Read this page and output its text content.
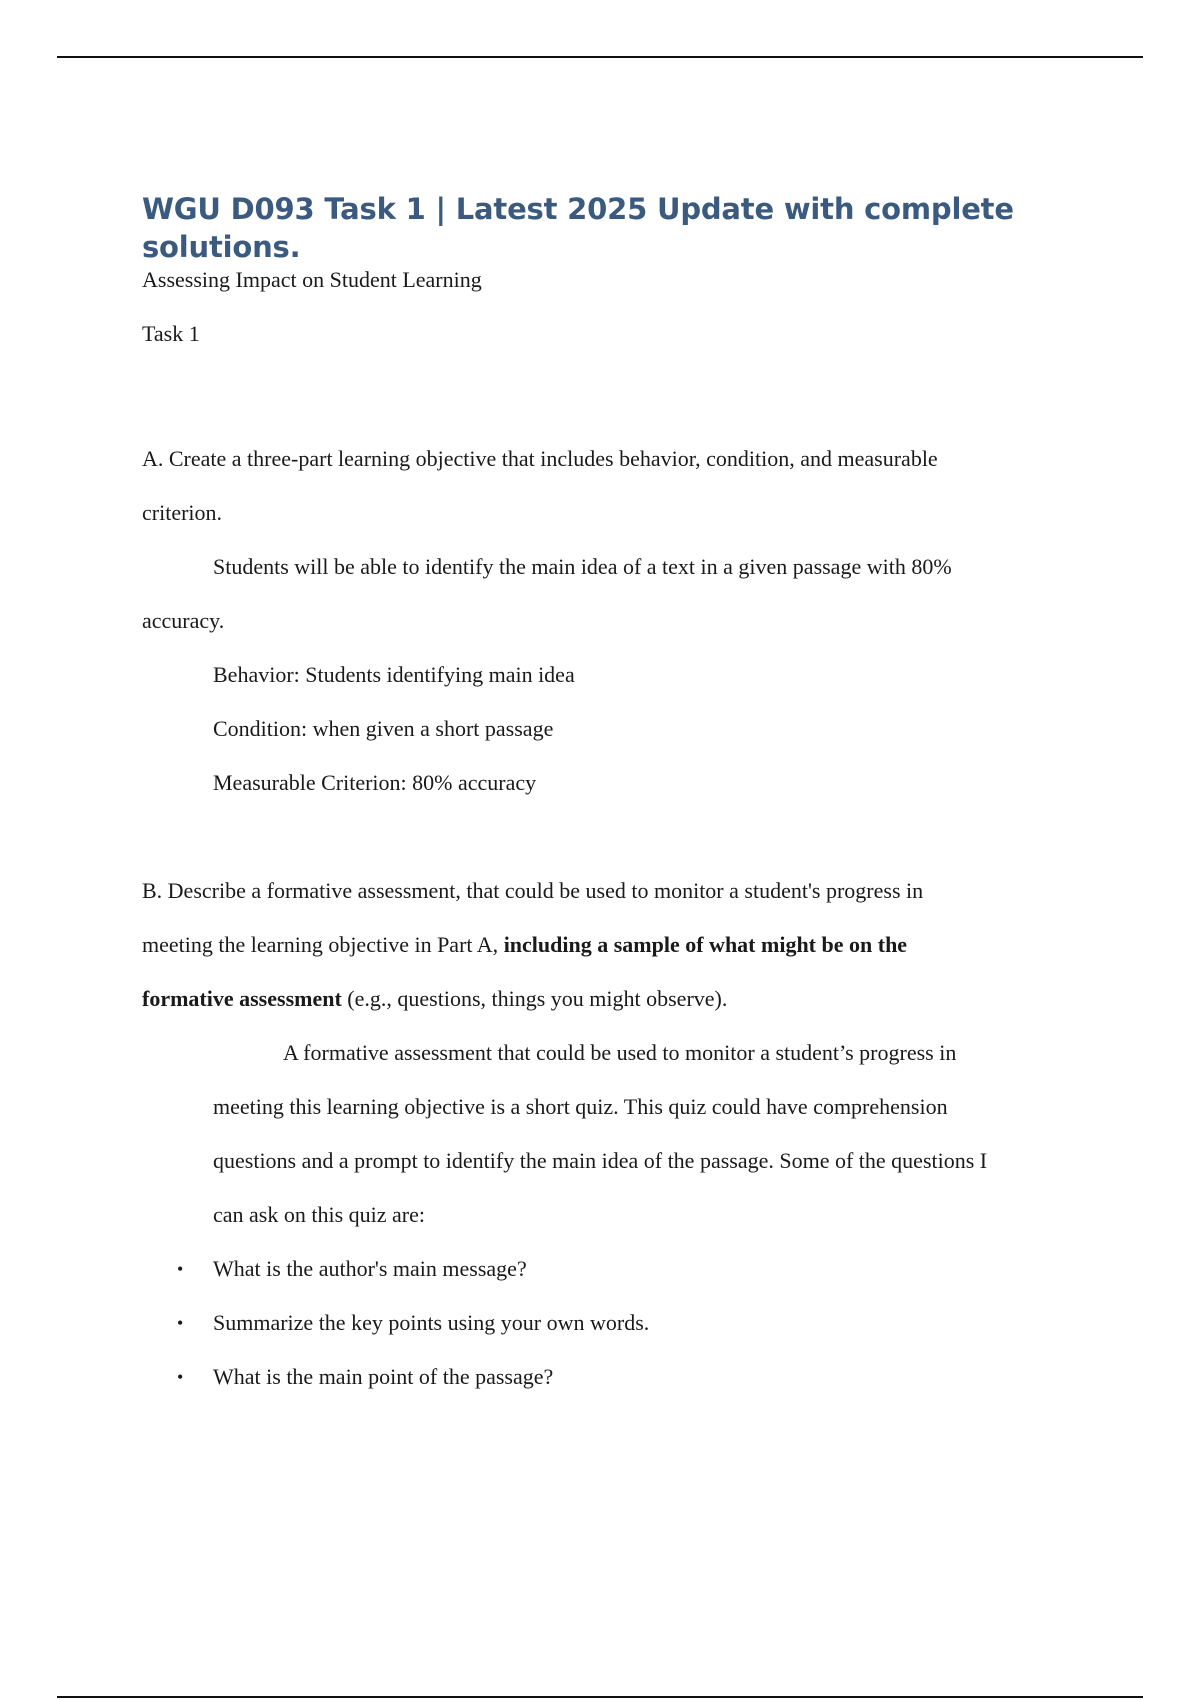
WGU D093 Task 1 | Latest 2025 Update with complete
solutions.

Assessing Impact on Student Learning

Task 1

A. Create a three-part learning objective that includes behavior, condition, and measurable

criterion.

Students will be able to identify the main idea of a text in a given passage with 80%

accuracy.

Behavior: Students identifying main idea

Condition: when given a short passage

Measurable Criterion: 80% accuracy

B. Describe a formative assessment, that could be used to monitor a student's progress in

meeting the learning objective in Part A, including a sample of what might be on the

formative assessment (e.g., questions, things you might observe).

A formative assessment that could be used to monitor a student’s progress in

meeting this learning objective is a short quiz. This quiz could have comprehension

questions and a prompt to identify the main idea of the passage. Some of the questions I

can ask on this quiz are:

• What is the author's main message?
• Summarize the key points using your own words.
• What is the main point of the passage?
